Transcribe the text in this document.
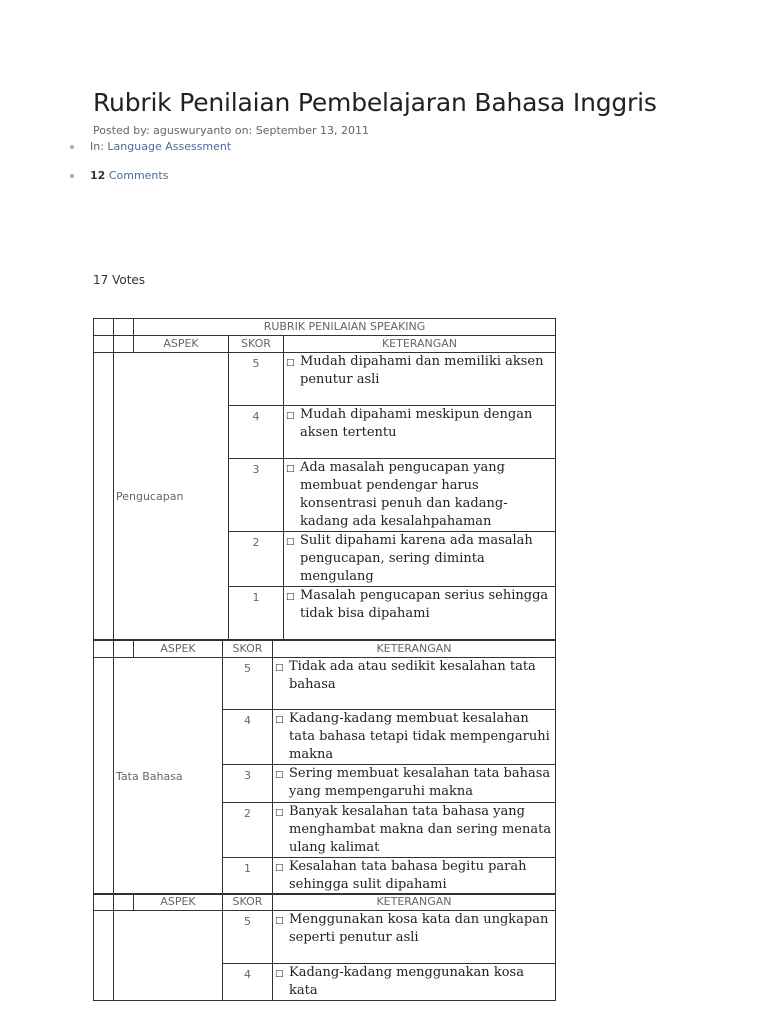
Rubrik Penilaian Pembelajaran Bahasa Inggris
Posted by: aguswuryanto on: September 13, 2011
In: Language Assessment
12 Comments
17 Votes
		RUBRIK PENILAIAN SPEAKING		
		ASPEK	SKOR	KETERANGAN
	Pengucapan		5	□ Mudah dipahami dan memiliki aksen penutur asli

			4	□ Mudah dipahami meskipun dengan aksen tertentu

			3	□ Ada masalah pengucapan yang membuat pendengar harus konsentrasi penuh dan kadang-kadang ada kesalahpahaman

			2	□ Sulit dipahami karena ada masalah pengucapan, sering diminta mengulang

			1	□ Masalah pengucapan serius sehingga tidak bisa dipahami
		ASPEK	SKOR	KETERANGAN
	Tata Bahasa		5	□ Tidak ada atau sedikit kesalahan tata bahasa

			4	□ Kadang-kadang membuat kesalahan tata bahasa tetapi tidak mempengaruhi makna

			3	□ Sering membuat kesalahan tata bahasa yang mempengaruhi makna

			2	□ Banyak kesalahan tata bahasa yang menghambat makna dan sering menata ulang kalimat

			1	□ Kesalahan tata bahasa begitu parah sehingga sulit dipahami
		ASPEK	SKOR	KETERANGAN
			5	□ Menggunakan kosa kata dan ungkapan seperti penutur asli

			4	□ Kadang-kadang menggunakan kosa kata
